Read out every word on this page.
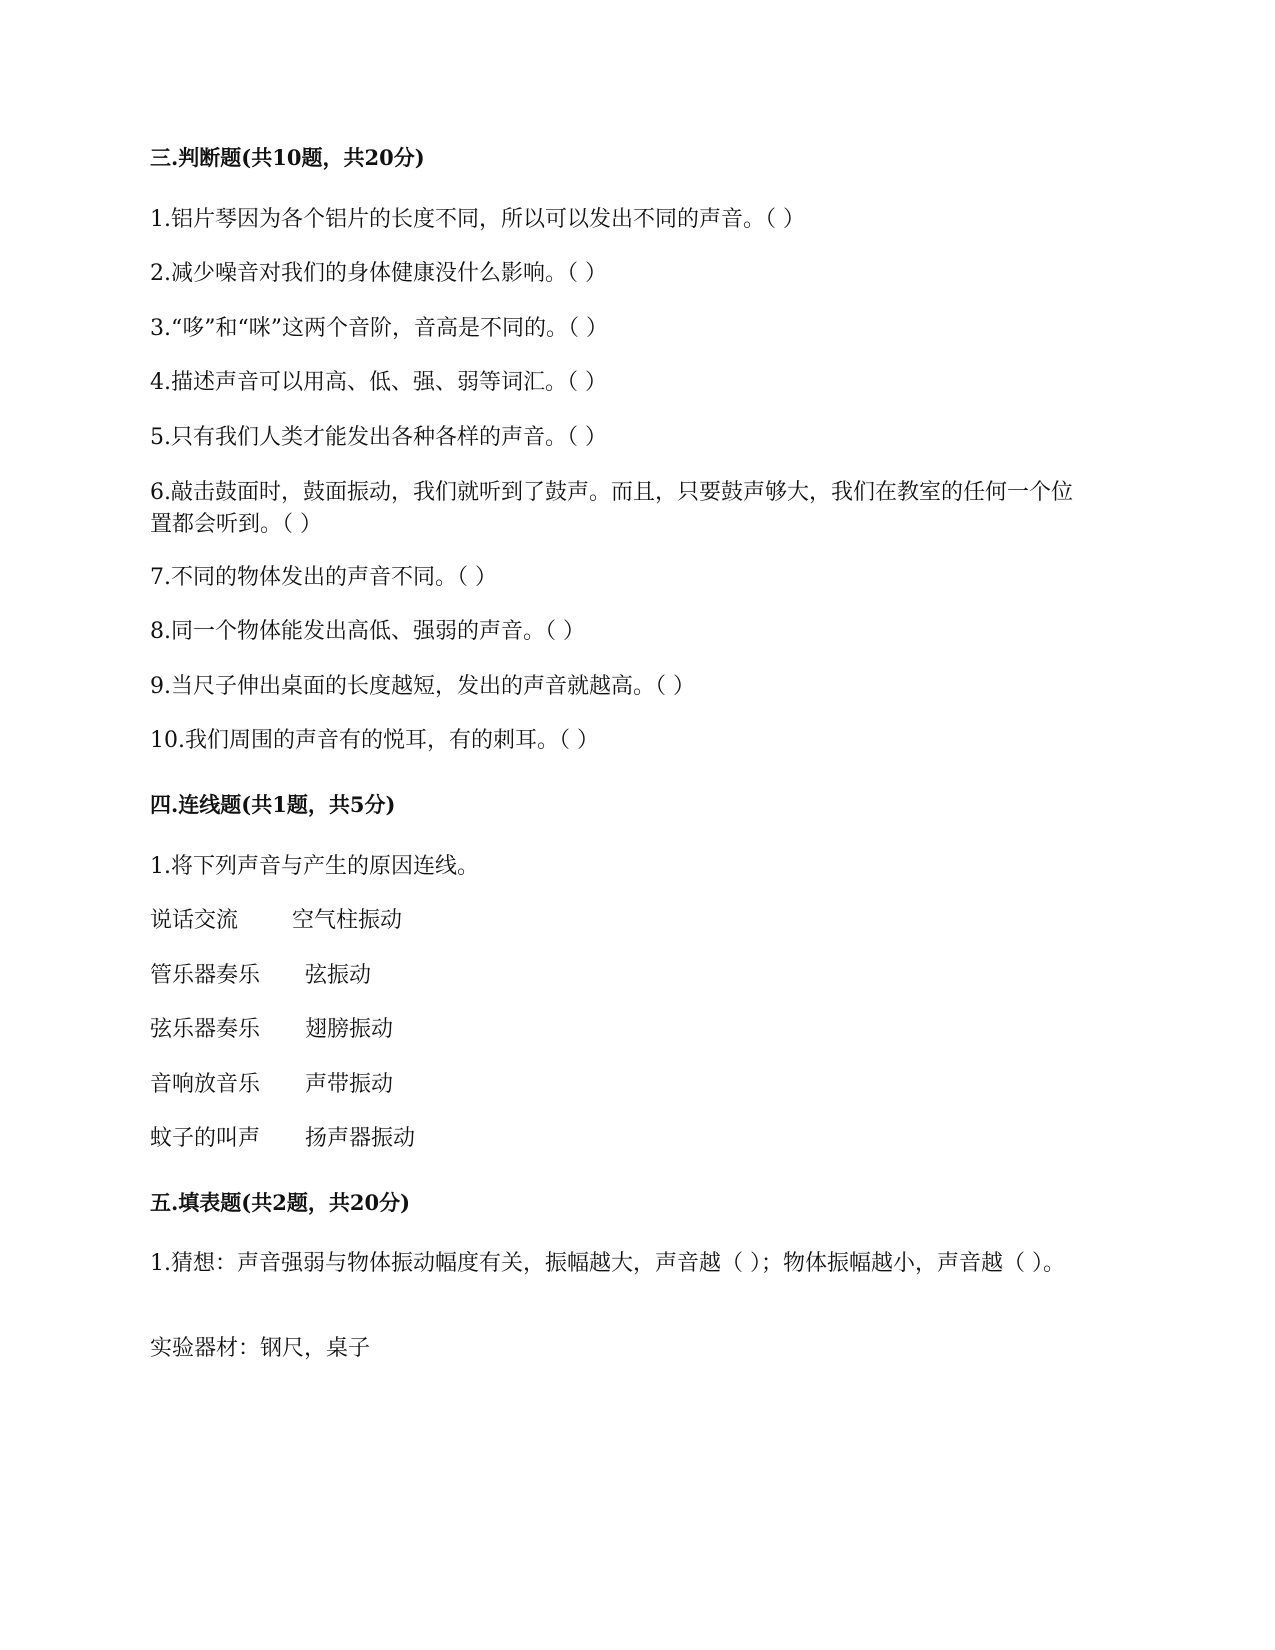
三.判断题(共10题，共20分)
1.铝片琴因为各个铝片的长度不同，所以可以发出不同的声音。（ ）
2.减少噪音对我们的身体健康没什么影响。（ ）
3.“哆”和“咪”这两个音阶，音高是不同的。（ ）
4.描述声音可以用高、低、强、弱等词汇。（ ）
5.只有我们人类才能发出各种各样的声音。（ ）
6.敲击鼓面时，鼓面振动，我们就听到了鼓声。而且，只要鼓声够大，我们在教室的任何一个位置都会听到。（ ）
7.不同的物体发出的声音不同。（ ）
8.同一个物体能发出高低、强弱的声音。（ ）
9.当尺子伸出桌面的长度越短，发出的声音就越高。（ ）
10.我们周围的声音有的悦耳，有的刺耳。（ ）
四.连线题(共1题，共5分)
1.将下列声音与产生的原因连线。
说话交流 空气柱振动
管乐器奏乐 弦振动
弦乐器奏乐 翅膀振动
音响放音乐 声带振动
蚊子的叫声 扬声器振动
五.填表题(共2题，共20分)
1.猜想：声音强弱与物体振动幅度有关，振幅越大，声音越（ ）；物体振幅越小，声音越（ ）。
实验器材：钢尺，桌子
